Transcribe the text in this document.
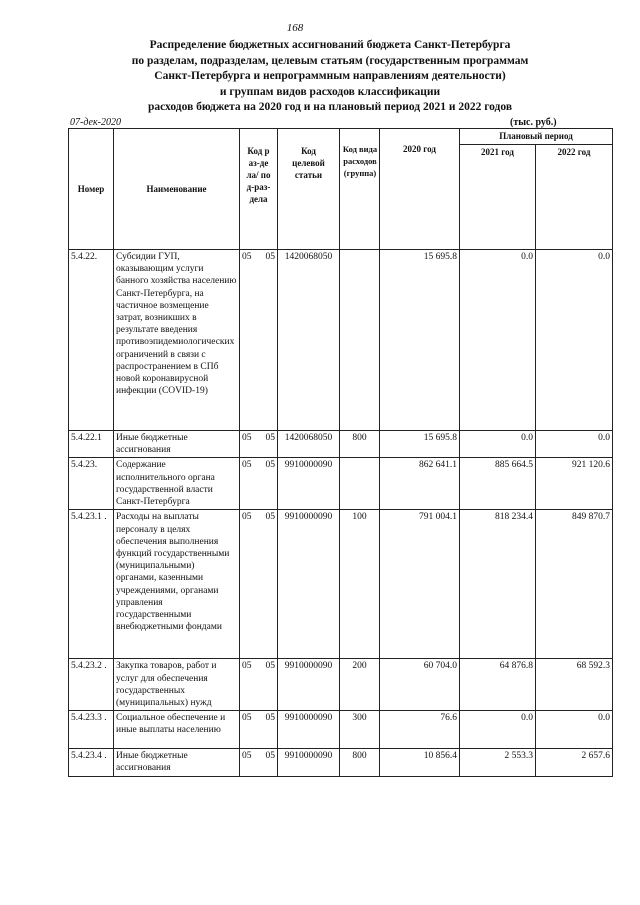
168
Распределение бюджетных ассигнований бюджета Санкт-Петербурга
по разделам, подразделам, целевым статьям (государственным программам
Санкт-Петербурга и непрограммным направлениям деятельности)
и группам видов расходов классификации
расходов бюджета на 2020 год и на плановый период 2021 и 2022 годов
07-дек-2020	(тыс. руб.)
Номер	Наименование	Код раз-дела/ под-раз-дела		Код целевой статьи	Код вида расходов (группа)	2020 год	Плановый период	
							2021 год	2022 год
5.4.22.	Субсидии ГУП, оказывающим услуги банного хозяйства населению Санкт-Петербурга, на частичное возмещение затрат, возникших в результате введения противоэпидемиологических ограничений в связи с распространением в СПб новой коронавирусной инфекции (COVID-19)	05	05	1420068050		15 695.8	0.0	0.0
5.4.22.1	Иные бюджетные ассигнования	05	05	1420068050	800	15 695.8	0.0	0.0
5.4.23.	Содержание исполнительного органа государственной власти Санкт-Петербурга	05	05	9910000090		862 641.1	885 664.5	921 120.6
5.4.23.1 .	Расходы на выплаты персоналу в целях обеспечения выполнения функций государственными (муниципальными) органами, казенными учреждениями, органами управления государственными внебюджетными фондами	05	05	9910000090	100	791 004.1	818 234.4	849 870.7
5.4.23.2 .	Закупка товаров, работ и услуг для обеспечения государственных (муниципальных) нужд	05	05	9910000090	200	60 704.0	64 876.8	68 592.3
5.4.23.3 .	Социальное обеспечение и иные выплаты населению	05	05	9910000090	300	76.6	0.0	0.0
5.4.23.4 .	Иные бюджетные ассигнования	05	05	9910000090	800	10 856.4	2 553.3	2 657.6
